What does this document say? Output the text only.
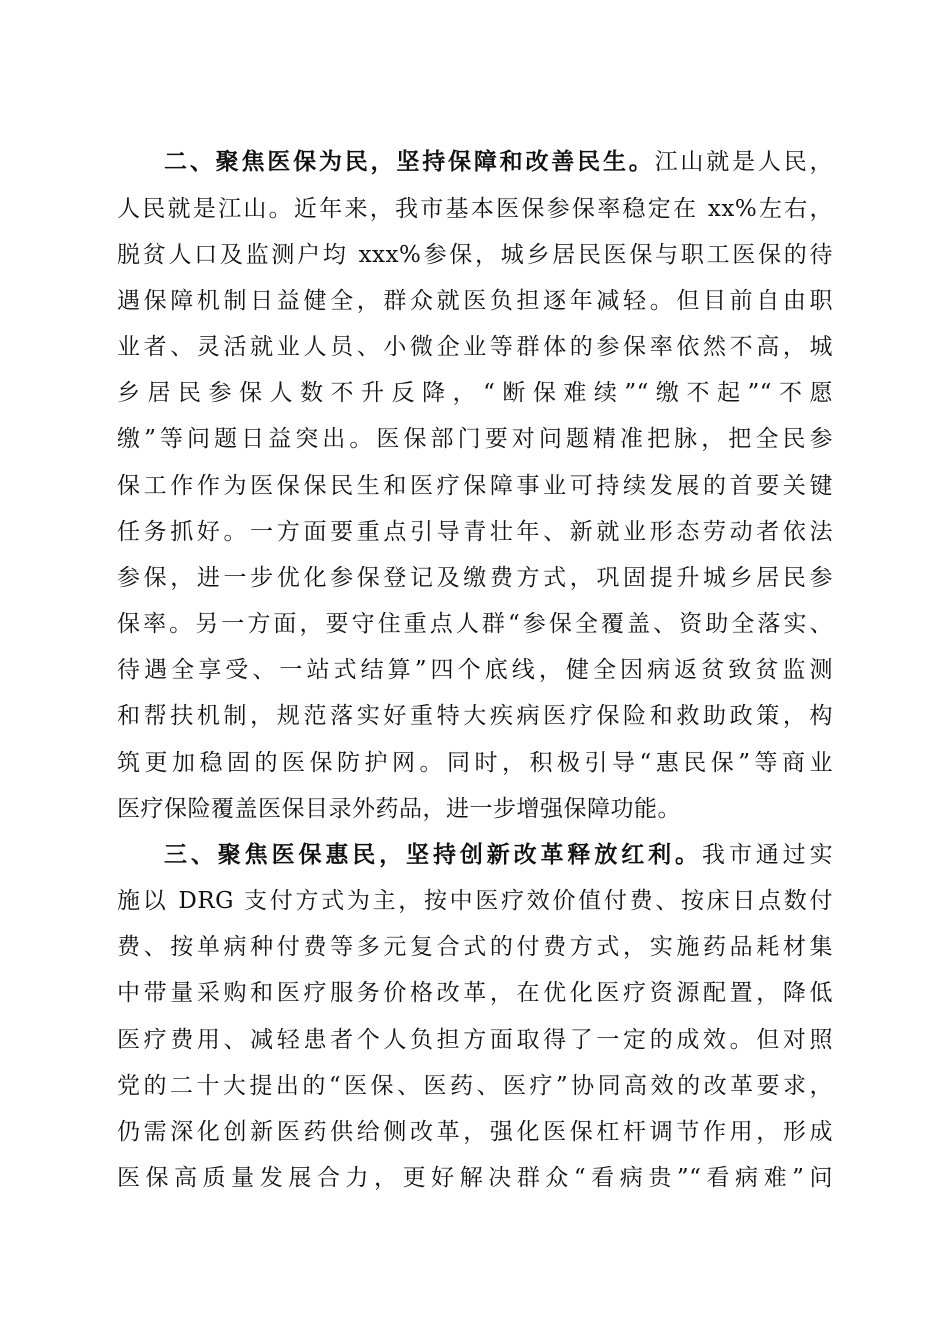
二、聚焦医保为民，坚持保障和改善民生。江山就是人民，
人民就是江山。近年来，我市基本医保参保率稳定在 xx%左右，
脱贫人口及监测户均 xxx%参保，城乡居民医保与职工医保的待
遇保障机制日益健全，群众就医负担逐年减轻。但目前自由职
业者、灵活就业人员、小微企业等群体的参保率依然不高，城
乡居民参保人数不升反降，“断保难续”“缴不起”“不愿
缴”等问题日益突出。医保部门要对问题精准把脉，把全民参
保工作作为医保保民生和医疗保障事业可持续发展的首要关键
任务抓好。一方面要重点引导青壮年、新就业形态劳动者依法
参保，进一步优化参保登记及缴费方式，巩固提升城乡居民参
保率。另一方面，要守住重点人群“参保全覆盖、资助全落实、
待遇全享受、一站式结算”四个底线，健全因病返贫致贫监测
和帮扶机制，规范落实好重特大疾病医疗保险和救助政策，构
筑更加稳固的医保防护网。同时，积极引导“惠民保”等商业
医疗保险覆盖医保目录外药品，进一步增强保障功能。
三、聚焦医保惠民，坚持创新改革释放红利。我市通过实
施以 DRG 支付方式为主，按中医疗效价值付费、按床日点数付
费、按单病种付费等多元复合式的付费方式，实施药品耗材集
中带量采购和医疗服务价格改革，在优化医疗资源配置，降低
医疗费用、减轻患者个人负担方面取得了一定的成效。但对照
党的二十大提出的“医保、医药、医疗”协同高效的改革要求，
仍需深化创新医药供给侧改革，强化医保杠杆调节作用，形成
医保高质量发展合力，更好解决群众“看病贵”“看病难”问
